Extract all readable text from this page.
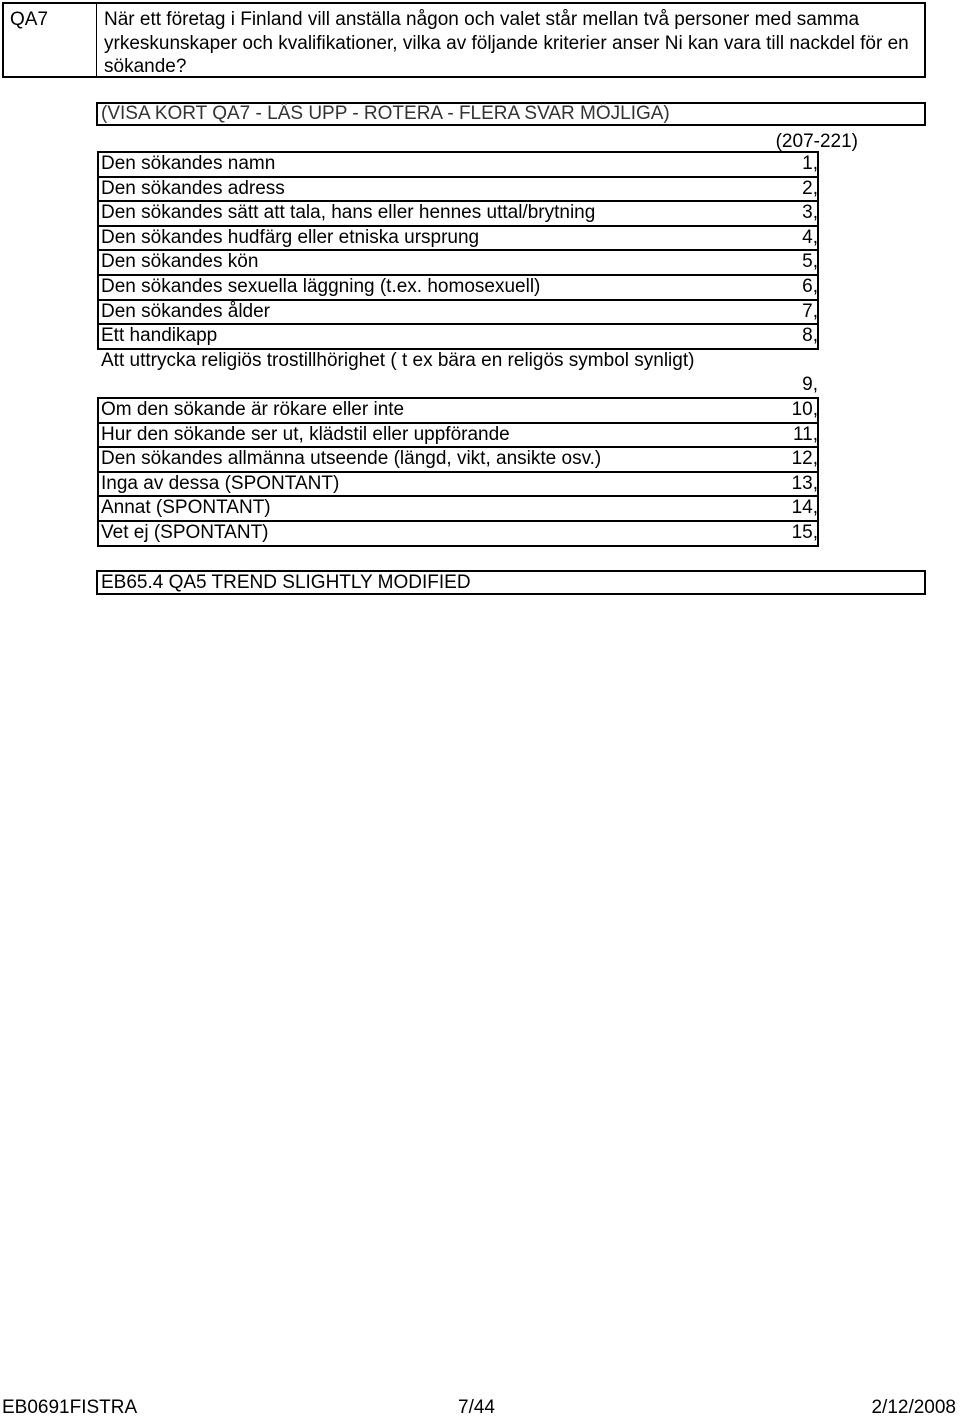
QA7	När ett företag i Finland vill anställa någon och valet står mellan två personer med samma yrkeskunskaper och kvalifikationer, vilka av följande kriterier anser Ni kan vara till nackdel för en sökande?
(VISA KORT QA7 - LÄS UPP - ROTERA - FLERA SVAR MÖJLIGA)
(207-221)
Den sökandes namn	1,
Den sökandes adress	2,
Den sökandes sätt att tala, hans eller hennes uttal/brytning	3,
Den sökandes hudfärg eller etniska ursprung	4,
Den sökandes kön	5,
Den sökandes sexuella läggning (t.ex. homosexuell)	6,
Den sökandes ålder	7,
Ett handikapp	8,
Att uttrycka religiös trostillhörighet ( t ex bära en religös symbol synligt)
9,
Om den sökande är rökare eller inte	10,
Hur den sökande ser ut, klädstil eller uppförande	11,
Den sökandes allmänna utseende (längd, vikt, ansikte osv.)	12,
Inga av dessa (SPONTANT)	13,
Annat (SPONTANT)	14,
Vet ej (SPONTANT)	15,
EB65.4 QA5 TREND SLIGHTLY MODIFIED
EB0691FISTRA	7/44	2/12/2008
